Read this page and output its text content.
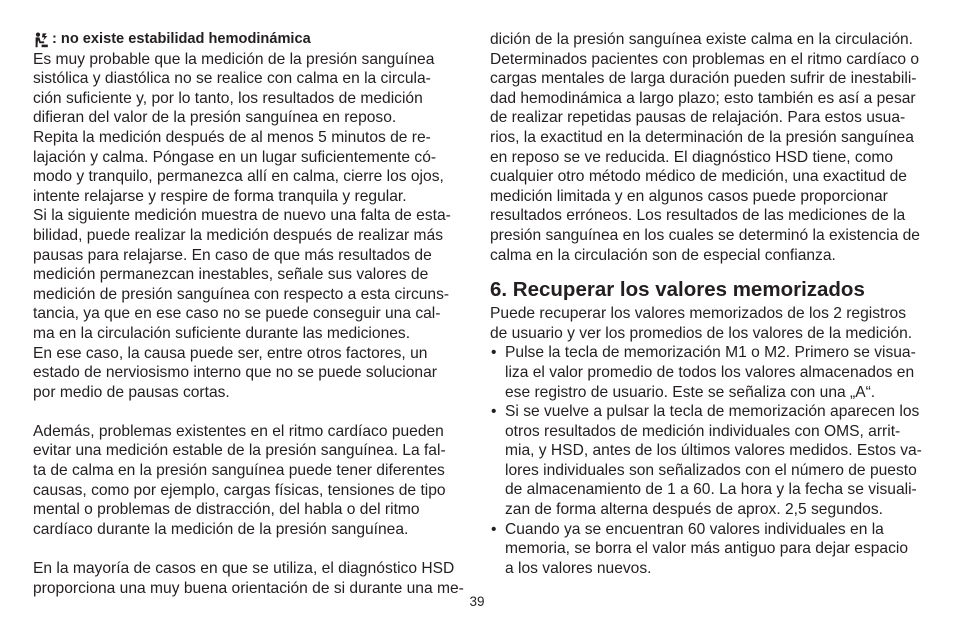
: no existe estabilidad hemodinámica
Es muy probable que la medición de la presión sanguínea
sistólica y diastólica no se realice con calma en la circula-
ción suficiente y, por lo tanto, los resultados de medición
difieran del valor de la presión sanguínea en reposo.
Repita la medición después de al menos 5 minutos de re-
lajación y calma. Póngase en un lugar suficientemente có-
modo y tranquilo, permanezca allí en calma, cierre los ojos,
intente relajarse y respire de forma tranquila y regular.
Si la siguiente medición muestra de nuevo una falta de esta-
bilidad, puede realizar la medición después de realizar más
pausas para relajarse. En caso de que más resultados de
medición permanezcan inestables, señale sus valores de
medición de presión sanguínea con respecto a esta circuns-
tancia, ya que en ese caso no se puede conseguir una cal-
ma en la circulación suficiente durante las mediciones.
En ese caso, la causa puede ser, entre otros factores, un
estado de nerviosismo interno que no se puede solucionar
por medio de pausas cortas.
Además, problemas existentes en el ritmo cardíaco pueden
evitar una medición estable de la presión sanguínea. La fal-
ta de calma en la presión sanguínea puede tener diferentes
causas, como por ejemplo, cargas físicas, tensiones de tipo
mental o problemas de distracción, del habla o del ritmo
cardíaco durante la medición de la presión sanguínea.
En la mayoría de casos en que se utiliza, el diagnóstico HSD
proporciona una muy buena orientación de si durante una me-
dición de la presión sanguínea existe calma en la circulación.
Determinados pacientes con problemas en el ritmo cardíaco o
cargas mentales de larga duración pueden sufrir de inestabili-
dad hemodinámica a largo plazo; esto también es así a pesar
de realizar repetidas pausas de relajación. Para estos usua-
rios, la exactitud en la determinación de la presión sanguínea
en reposo se ve reducida. El diagnóstico HSD tiene, como
cualquier otro método médico de medición, una exactitud de
medición limitada y en algunos casos puede proporcionar
resultados erróneos. Los resultados de las mediciones de la
presión sanguínea en los cuales se determinó la existencia de
calma en la circulación son de especial confianza.
6. Recuperar los valores memorizados
Puede recuperar los valores memorizados de los 2 registros
de usuario y ver los promedios de los valores de la medición.
• Pulse la tecla de memorización M1 o M2. Primero se visua-
liza el valor promedio de todos los valores almacenados en
ese registro de usuario. Este se señaliza con una „A“.
• Si se vuelve a pulsar la tecla de memorización aparecen los
otros resultados de medición individuales con OMS, arrit-
mia, y HSD, antes de los últimos valores medidos. Estos va-
lores individuales son señalizados con el número de puesto
de almacenamiento de 1 a 60. La hora y la fecha se visuali-
zan de forma alterna después de aprox. 2,5 segundos.
• Cuando ya se encuentran 60 valores individuales en la
memoria, se borra el valor más antiguo para dejar espacio
a los valores nuevos.
39
